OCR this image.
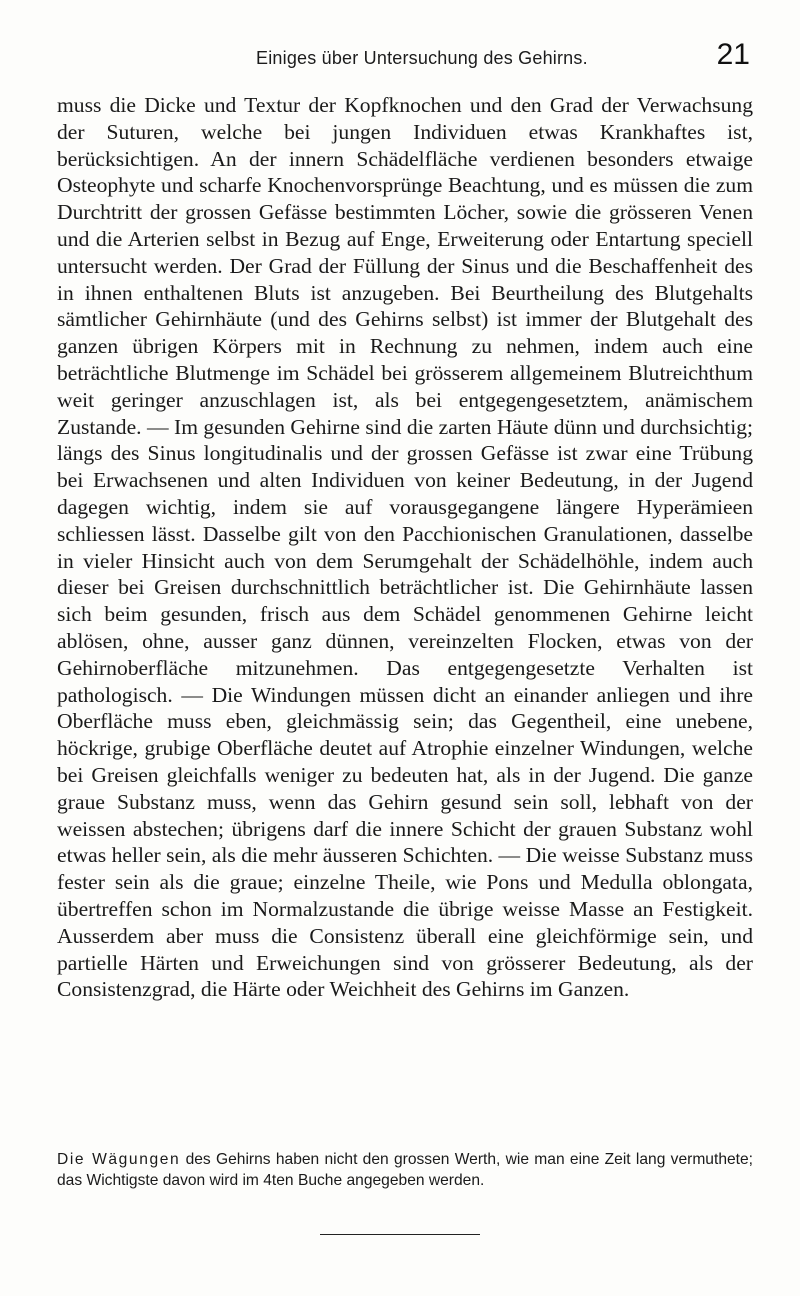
Einiges über Untersuchung des Gehirns.	21

muss die Dicke und Textur der Kopfknochen und den Grad der Verwachsung der Suturen, welche bei jungen Individuen etwas Krankhaftes ist, berücksichtigen. An der innern Schädelfläche verdienen besonders etwaige Osteophyte und scharfe Knochenvorsprünge Beachtung, und es müssen die zum Durchtritt der grossen Gefässe bestimmten Löcher, sowie die grösseren Venen und die Arterien selbst in Bezug auf Enge, Erweiterung oder Entartung speciell untersucht werden. Der Grad der Füllung der Sinus und die Beschaffenheit des in ihnen enthaltenen Bluts ist anzugeben. Bei Beurtheilung des Blutgehalts sämtlicher Gehirnhäute (und des Gehirns selbst) ist immer der Blutgehalt des ganzen übrigen Körpers mit in Rechnung zu nehmen, indem auch eine beträchtliche Blutmenge im Schädel bei grösserem allgemeinem Blutreichthum weit geringer anzuschlagen ist, als bei entgegengesetztem, anämischem Zustande. — Im gesunden Gehirne sind die zarten Häute dünn und durchsichtig; längs des Sinus longitudinalis und der grossen Gefässe ist zwar eine Trübung bei Erwachsenen und alten Individuen von keiner Bedeutung, in der Jugend dagegen wichtig, indem sie auf vorausgegangene längere Hyperämieen schliessen lässt. Dasselbe gilt von den Pacchionischen Granulationen, dasselbe in vieler Hinsicht auch von dem Serumgehalt der Schädelhöhle, indem auch dieser bei Greisen durchschnittlich beträchtlicher ist. Die Gehirnhäute lassen sich beim gesunden, frisch aus dem Schädel genommenen Gehirne leicht ablösen, ohne, ausser ganz dünnen, vereinzelten Flocken, etwas von der Gehirnoberfläche mitzunehmen. Das entgegengesetzte Verhalten ist pathologisch. — Die Windungen müssen dicht an einander anliegen und ihre Oberfläche muss eben, gleichmässig sein; das Gegentheil, eine unebene, höckrige, grubige Oberfläche deutet auf Atrophie einzelner Windungen, welche bei Greisen gleichfalls weniger zu bedeuten hat, als in der Jugend. Die ganze graue Substanz muss, wenn das Gehirn gesund sein soll, lebhaft von der weissen abstechen; übrigens darf die innere Schicht der grauen Substanz wohl etwas heller sein, als die mehr äusseren Schichten. — Die weisse Substanz muss fester sein als die graue; einzelne Theile, wie Pons und Medulla oblongata, übertreffen schon im Normalzustande die übrige weisse Masse an Festigkeit. Ausserdem aber muss die Consistenz überall eine gleichförmige sein, und partielle Härten und Erweichungen sind von grösserer Bedeutung, als der Consistenzgrad, die Härte oder Weichheit des Gehirns im Ganzen.

Die Wägungen des Gehirns haben nicht den grossen Werth, wie man eine Zeit lang vermuthete; das Wichtigste davon wird im 4ten Buche angegeben werden.
